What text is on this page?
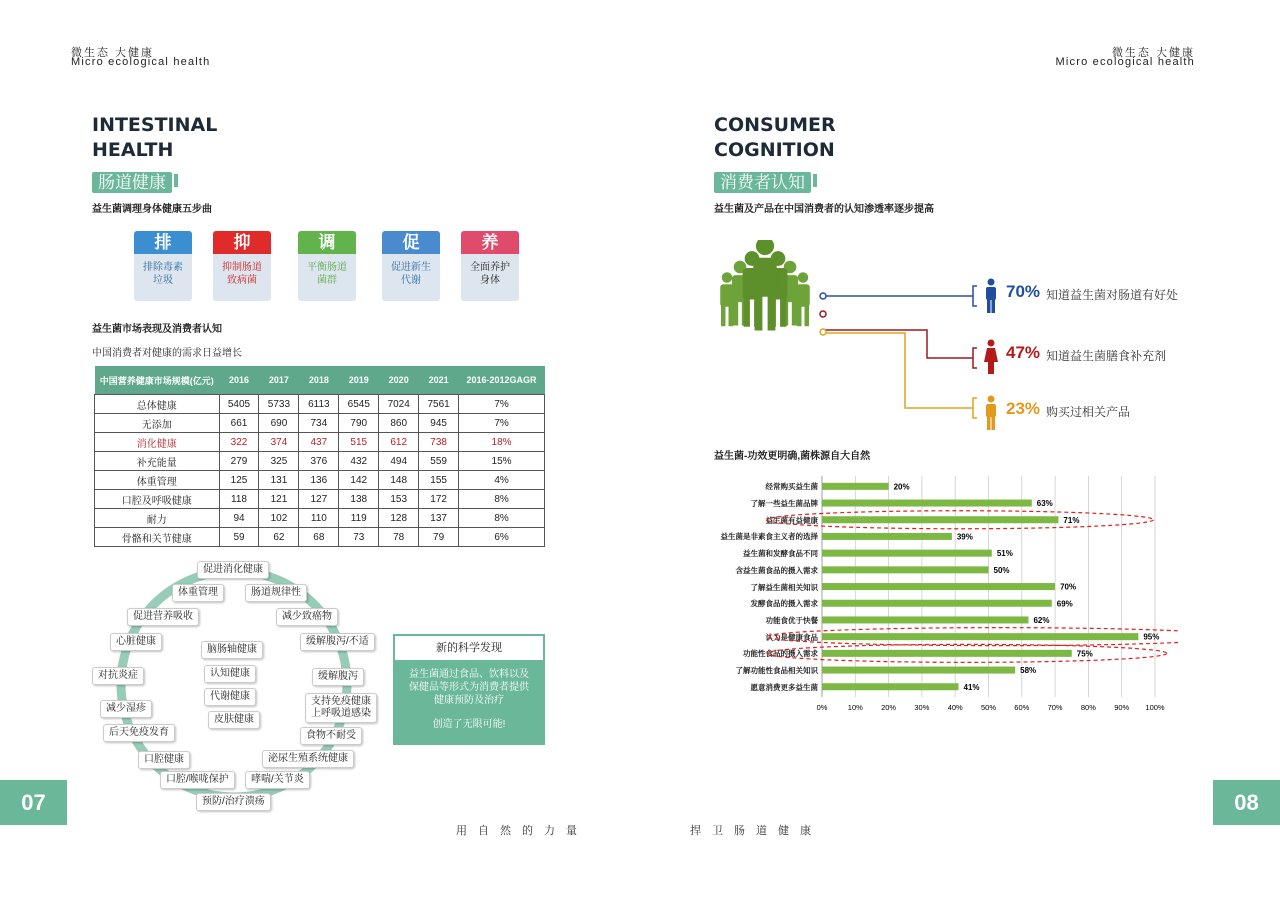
微生态 大健康
Micro ecological health
微生态 大健康
Micro ecological health
INTESTINAL
HEALTH
肠道健康
益生菌调理身体健康五步曲
排
排除毒素
垃圾
抑
抑制肠道
致病菌
调
平衡肠道
菌群
促
促进新生
代谢
养
全面养护
身体
益生菌市场表现及消费者认知
中国消费者对健康的需求日益增长
中国营养健康市场规模(亿元)	2016	2017	2018	2019	2020	2021	2016-2012GAGR
总体健康	5405	5733	6113	6545	7024	7561	7%
无添加	661	690	734	790	860	945	7%
消化健康	322	374	437	515	612	738	18%
补充能量	279	325	376	432	494	559	15%
体重管理	125	131	136	142	148	155	4%
口腔及呼吸健康	118	121	127	138	153	172	8%
耐力	94	102	110	119	128	137	8%
骨骼和关节健康	59	62	68	73	78	79	6%
促进消化健康
体重管理	肠道规律性
促进营养吸收	减少致癌物
心脏健康	缓解腹泻/不适
脑肠轴健康
对抗炎症	认知健康	缓解腹泻
代谢健康
减少湿疹
支持免疫健康
上呼吸道感染
皮肤健康
后天免疫发育	食物不耐受
口腔健康	泌尿生殖系统健康
口腔/喉咙保护	哮喘/关节炎
预防/治疗溃疡
新的科学发现
益生菌通过食品、饮料以及保健品等形式为消费者提供健康预防及治疗
创造了无限可能!
07	08
用自然的力量	捍卫肠道健康
CONSUMER
COGNITION
消费者认知
益生菌及产品在中国消费者的认知渗透率逐步提高
70% 知道益生菌对肠道有好处
47% 知道益生菌膳食补充剂
23% 购买过相关产品
益生菌-功效更明确,菌株源自大自然
经常购买益生菌
了解一些益生菌品牌
益生菌有益健康
益生菌是非素食主义者的选择
益生菌和发酵食品不同
含益生菌食品的摄入需求
了解益生菌相关知识
发酵食品的摄入需求
功能食优于快餐
认为是健康食品
功能性食品的摄入需求
了解功能性食品相关知识
愿意消费更多益生菌
0%	10% 20% 30% 40% 50% 60% 70% 80% 90% 100%
20%
63%
71%
39%
51%
50%
70%
69%
62%
95%
75%
58%
41%
